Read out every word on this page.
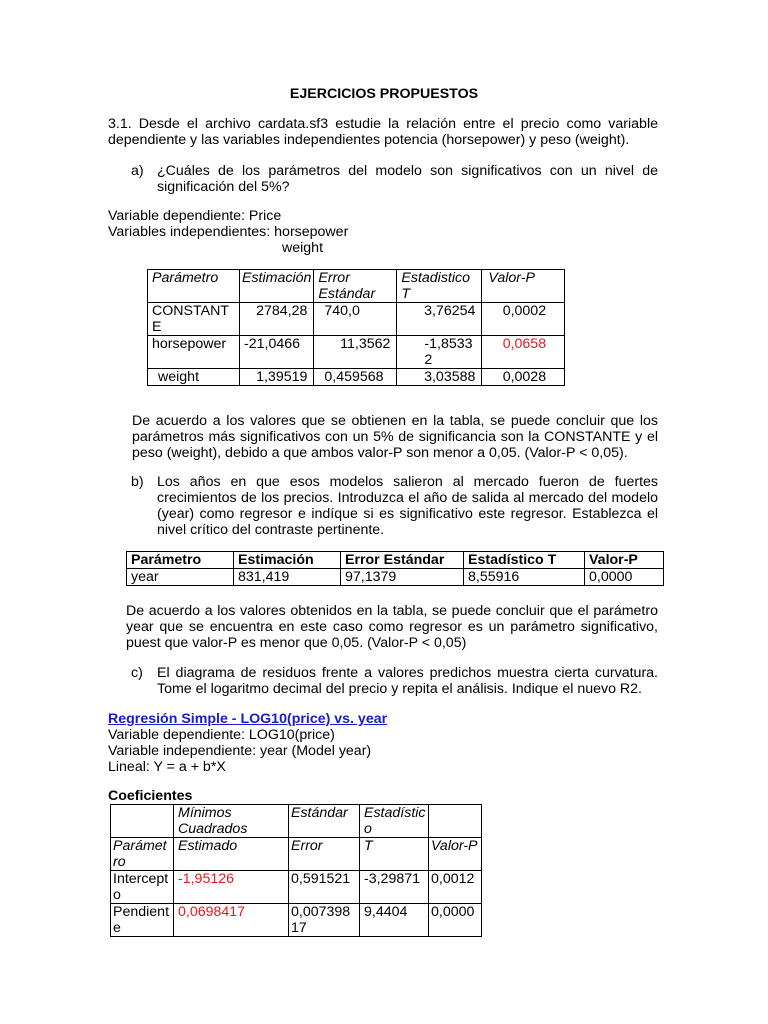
EJERCICIOS PROPUESTOS
3.1. Desde el archivo cardata.sf3 estudie la relación entre el precio como variable dependiente y las variables independientes potencia (horsepower) y peso (weight).
a) ¿Cuáles de los parámetros del modelo son significativos con un nivel de significación del 5%?
Variable dependiente: Price
Variables independientes: horsepower
weight
Parámetro	Estimación	Error Estándar	Estadistico T	Valor-P
CONSTANTE	2784,28	740,0	3,76254	0,0002
horsepower	-21,0466	11,3562	-1,85332	0,0658
weight	1,39519	0,459568	3,03588	0,0028
De acuerdo a los valores que se obtienen en la tabla, se puede concluir que los parámetros más significativos con un 5% de significancia son la CONSTANTE y el peso (weight), debido a que ambos valor-P son menor a 0,05. (Valor-P < 0,05).
b) Los años en que esos modelos salieron al mercado fueron de fuertes crecimientos de los precios. Introduzca el año de salida al mercado del modelo (year) como regresor e indíque si es significativo este regresor. Establezca el nivel crítico del contraste pertinente.
Parámetro	Estimación	Error Estándar	Estadístico T	Valor-P
year	831,419	97,1379	8,55916	0,0000
De acuerdo a los valores obtenidos en la tabla, se puede concluir que el parámetro year que se encuentra en este caso como regresor es un parámetro significativo, puest que valor-P es menor que 0,05. (Valor-P < 0,05)
c) El diagrama de residuos frente a valores predichos muestra cierta curvatura. Tome el logaritmo decimal del precio y repita el análisis. Indique el nuevo R2.
Regresión Simple - LOG10(price) vs. year
Variable dependiente: LOG10(price)
Variable independiente: year (Model year)
Lineal: Y = a + b*X
Coeficientes
	Mínimos Cuadrados	Estándar	Estadístico	
Parámetro	Estimado	Error	T	Valor-P
Intercepto	-1,95126	0,591521	-3,29871	0,0012
Pendiente	0,0698417	0,00739817	9,4404	0,0000
